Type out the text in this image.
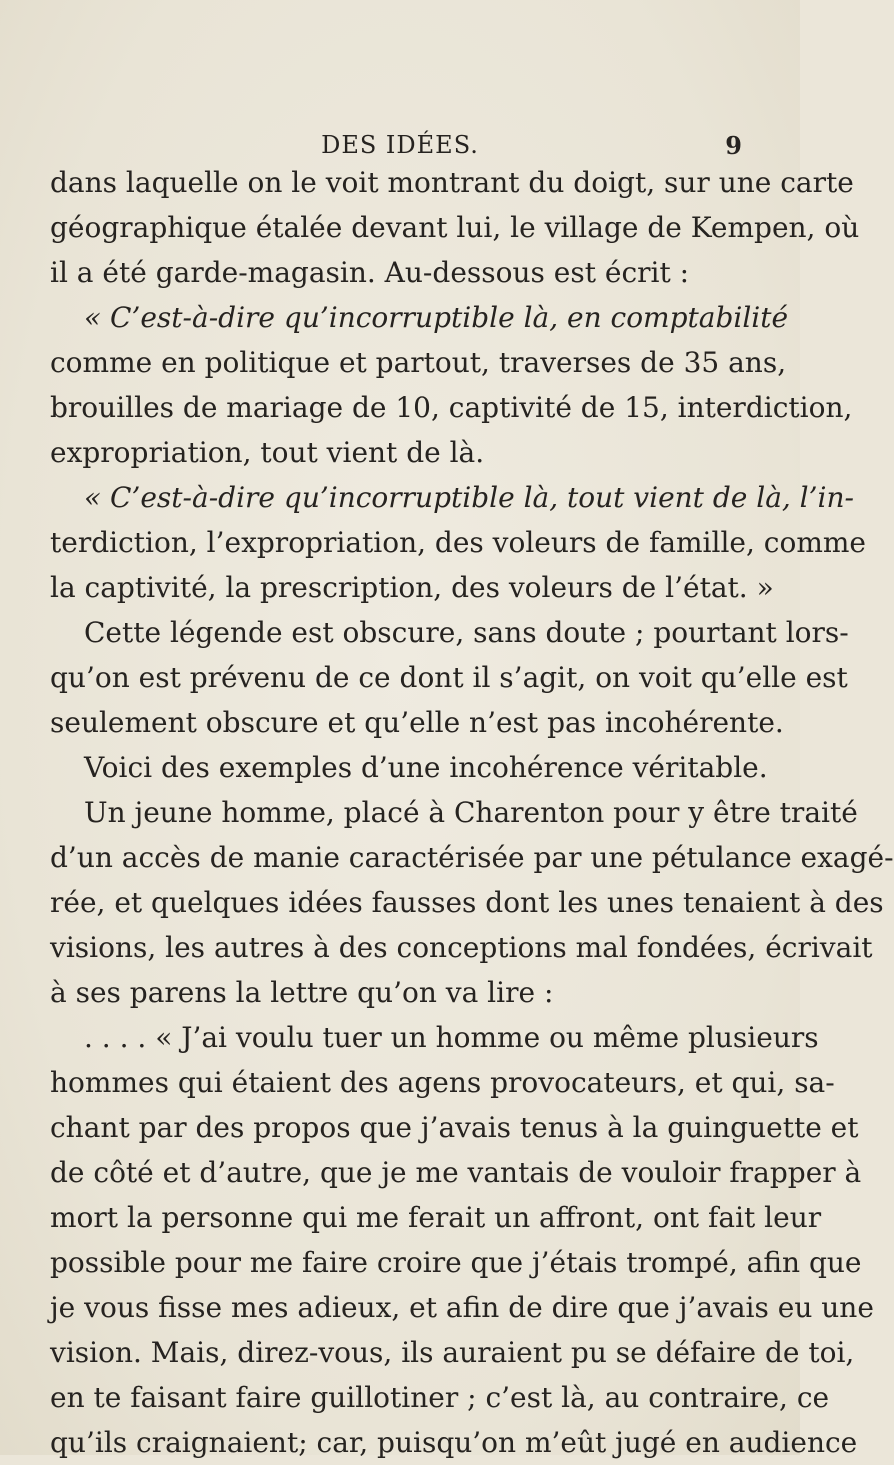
DES IDÉES.	9
dans laquelle on le voit montrant du doigt, sur une carte
géographique étalée devant lui, le village de Kempen, où
il a été garde-magasin. Au-dessous est écrit :
« C’est-à-dire qu’incorruptible là, en comptabilité
comme en politique et partout, traverses de 35 ans,
brouilles de mariage de 10, captivité de 15, interdiction,
expropriation, tout vient de là.
« C’est-à-dire qu’incorruptible là, tout vient de là, l’in-
terdiction, l’expropriation, des voleurs de famille, comme
la captivité, la prescription, des voleurs de l’état. »
Cette légende est obscure, sans doute ; pourtant lors-
qu’on est prévenu de ce dont il s’agit, on voit qu’elle est
seulement obscure et qu’elle n’est pas incohérente.
Voici des exemples d’une incohérence véritable.
Un jeune homme, placé à Charenton pour y être traité
d’un accès de manie caractérisée par une pétulance exagé-
rée, et quelques idées fausses dont les unes tenaient à des
visions, les autres à des conceptions mal fondées, écrivait
à ses parens la lettre qu’on va lire :
. . . . « J’ai voulu tuer un homme ou même plusieurs
hommes qui étaient des agens provocateurs, et qui, sa-
chant par des propos que j’avais tenus à la guinguette et
de côté et d’autre, que je me vantais de vouloir frapper à
mort la personne qui me ferait un affront, ont fait leur
possible pour me faire croire que j’étais trompé, afin que
je vous fisse mes adieux, et afin de dire que j’avais eu une
vision. Mais, direz-vous, ils auraient pu se défaire de toi,
en te faisant faire guillotiner ; c’est là, au contraire, ce
qu’ils craignaient; car, puisqu’on m’eût jugé en audience
